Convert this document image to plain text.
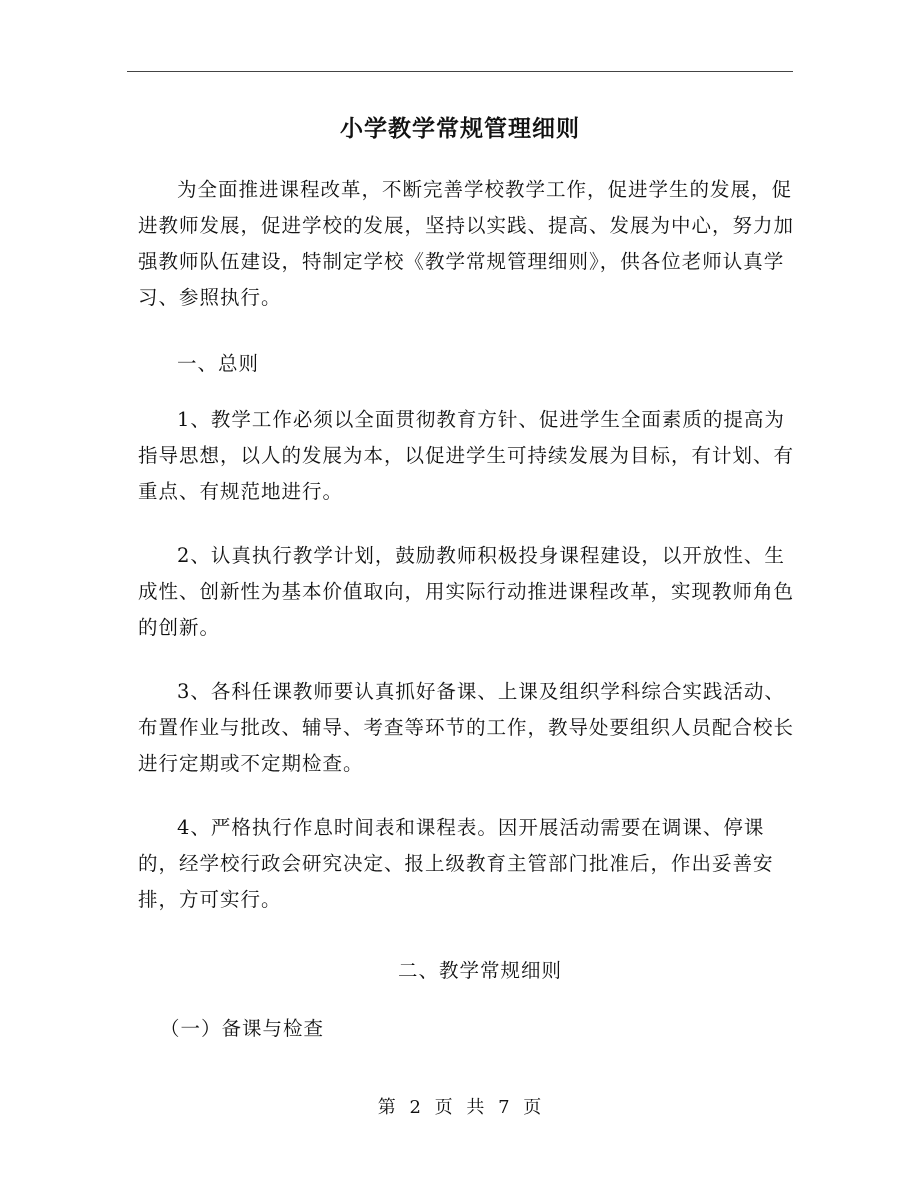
小学教学常规管理细则
为全面推进课程改革，不断完善学校教学工作，促进学生的发展，促进教师发展，促进学校的发展，坚持以实践、提高、发展为中心，努力加强教师队伍建设，特制定学校《教学常规管理细则》，供各位老师认真学习、参照执行。
一、总则
1、教学工作必须以全面贯彻教育方针、促进学生全面素质的提高为指导思想，以人的发展为本，以促进学生可持续发展为目标，有计划、有重点、有规范地进行。
2、认真执行教学计划，鼓励教师积极投身课程建设，以开放性、生成性、创新性为基本价值取向，用实际行动推进课程改革，实现教师角色的创新。
3、各科任课教师要认真抓好备课、上课及组织学科综合实践活动、布置作业与批改、辅导、考查等环节的工作，教导处要组织人员配合校长进行定期或不定期检查。
4、严格执行作息时间表和课程表。因开展活动需要在调课、停课的，经学校行政会研究决定、报上级教育主管部门批准后，作出妥善安排，方可实行。
二、教学常规细则
（一）备课与检查
第 2 页 共 7 页
